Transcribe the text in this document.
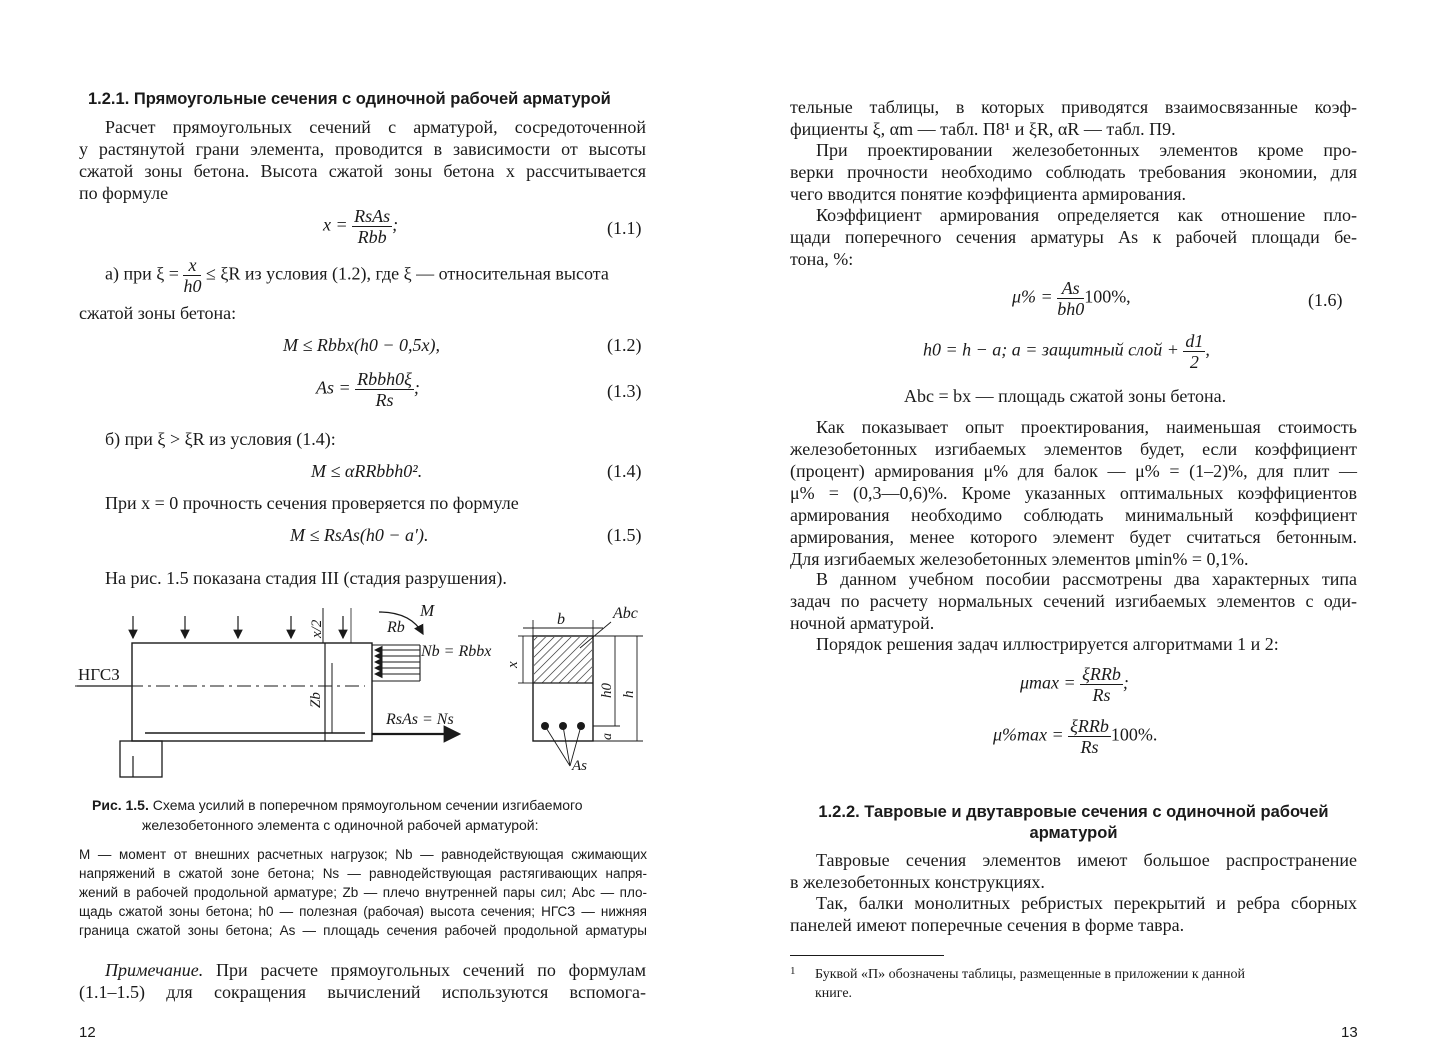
1.2.1. Прямоугольные сечения с одиночной рабочей арматурой
Расчет прямоугольных сечений с арматурой, сосредоточенной
у растянутой грани элемента, проводится в зависимости от высоты
сжатой зоны бетона. Высота сжатой зоны бетона x рассчитывается
по формуле
$x = \frac{\text{RsAs}}{\text{Rbb}}$ ;	(1.1)
а) при $\xi = \frac{x}{h0} \le \xi R$ из условия (1.2), где ξ — относительная высота
сжатой зоны бетона:
M ≤ Rbbx(h0 − 0,5x),	(1.2)
$As = \frac{\text{Rbbh0ξ}}{Rs}$ ;	(1.3)
б) при ξ > ξR из условия (1.4):
M ≤ αRRbbh0².	(1.4)
При x = 0 прочность сечения проверяется по формуле
M ≤ RsAs(h0 − a′).	(1.5)
На рис. 1.5 показана стадия III (стадия разрушения).
НГСЗ
M
Rb
Nb = Rbbx
RsAs = Ns
x/2
Zb
b	Abc
x
h0 h
a
As
Рис. 1.5. Схема усилий в поперечном прямоугольном сечении изгибаемого
железобетонного элемента с одиночной рабочей арматурой:
M — момент от внешних расчетных нагрузок; Nb — равнодействующая сжимающих
напряжений в сжатой зоне бетона; Ns — равнодействующая растягивающих напря-
жений в рабочей продольной арматуре; Zb — плечо внутренней пары сил; Abc — пло-
щадь сжатой зоны бетона; h0 — полезная (рабочая) высота сечения; НГСЗ — нижняя
граница сжатой зоны бетона; As — площадь сечения рабочей продольной арматуры
Примечание. При расчете прямоугольных сечений по формулам
(1.1–1.5) для сокращения вычислений используются вспомога-
12
тельные таблицы, в которых приводятся взаимосвязанные коэф-
фициенты ξ, αm — табл. П8¹ и ξR, αR — табл. П9.
При проектировании железобетонных элементов кроме про-
верки прочности необходимо соблюдать требования экономии, для
чего вводится понятие коэффициента армирования.
Коэффициент армирования определяется как отношение пло-
щади поперечного сечения арматуры As к рабочей площади бе-
тона, %:
$\mu\% = \frac{As}{bh0} 100\%$,	(1.6)
h0 = h − a; a = защитный слой + $\frac{d1}{2}$ ,
Abc = bx — площадь сжатой зоны бетона.
Как показывает опыт проектирования, наименьшая стоимость
железобетонных изгибаемых элементов будет, если коэффициент
(процент) армирования μ% для балок — μ% = (1–2)%, для плит —
μ% = (0,3—0,6)%. Кроме указанных оптимальных коэффициентов
армирования необходимо соблюдать минимальный коэффициент
армирования, менее которого элемент будет считаться бетонным.
Для изгибаемых железобетонных элементов μmin% = 0,1%.
В данном учебном пособии рассмотрены два характерных типа
задач по расчету нормальных сечений изгибаемых элементов с оди-
ночной арматурой.
Порядок решения задач иллюстрируется алгоритмами 1 и 2:
$\mu\max = \frac{\text{ξRRb}}{Rs}$ ;
$\mu\%\max = \frac{\text{ξRRb}}{Rs} 100\%$.
1.2.2. Тавровые и двутавровые сечения с одиночной рабочей
арматурой
Тавровые сечения элементов имеют большое распространение
в железобетонных конструкциях.
Так, балки монолитных ребристых перекрытий и ребра сборных
панелей имеют поперечные сечения в форме тавра.
1	Буквой «П» обозначены таблицы, размещенные в приложении к данной
книге.
13
